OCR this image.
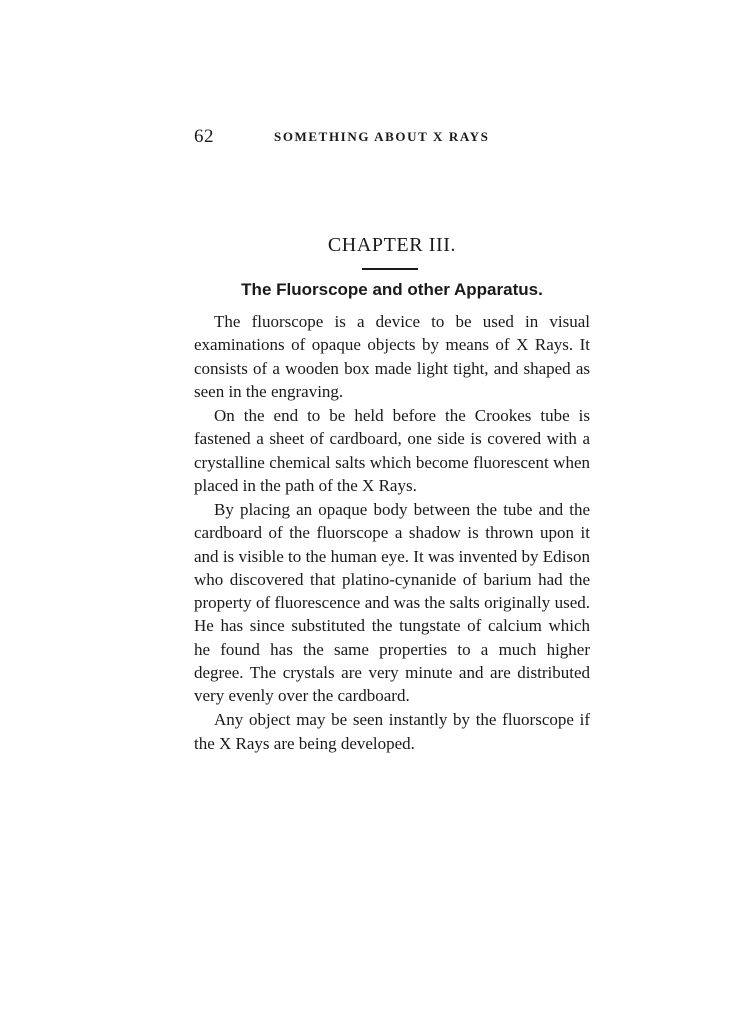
62	SOMETHING ABOUT X RAYS
CHAPTER III.
The Fluorscope and other Apparatus.

The fluorscope is a device to be used in visual examinations of opaque objects by means of X Rays. It consists of a wooden box made light tight, and shaped as seen in the engraving.

On the end to be held before the Crookes tube is fastened a sheet of cardboard, one side is covered with a crystalline chemical salts which become fluorescent when placed in the path of the X Rays.

By placing an opaque body between the tube and the cardboard of the fluorscope a shadow is thrown upon it and is visible to the human eye. It was invented by Edison who discovered that platino-cynanide of barium had the property of fluorescence and was the salts originally used. He has since substituted the tungstate of calcium which he found has the same properties to a much higher degree. The crystals are very minute and are distributed very evenly over the cardboard.

Any object may be seen instantly by the fluorscope if the X Rays are being developed.
